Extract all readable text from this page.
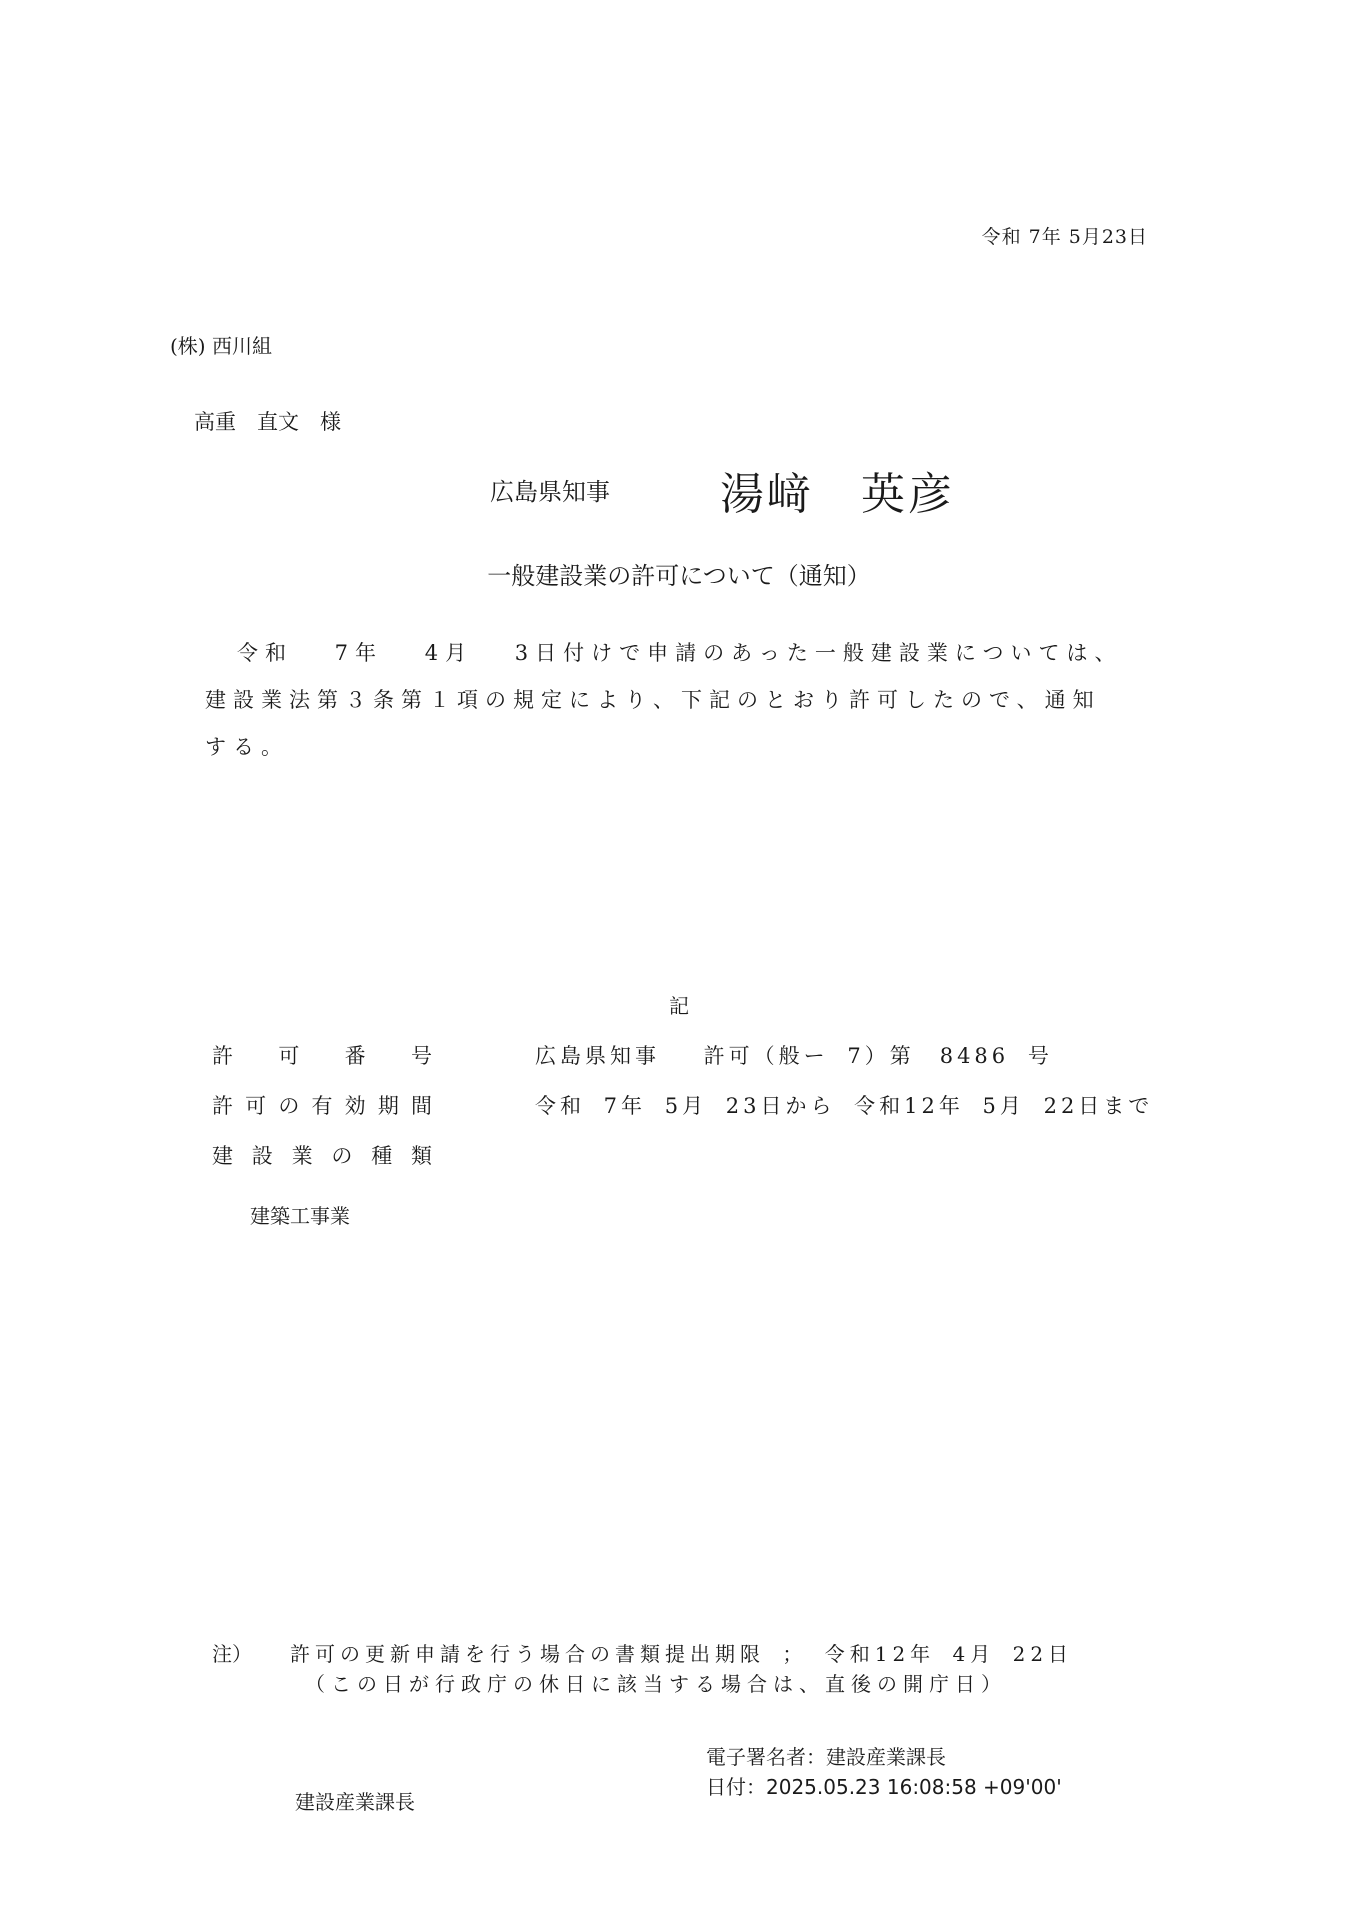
令和 7年 5月23日
(株) 西川組
高重　直文　様
広島県知事	湯﨑　英彦
一般建設業の許可について（通知）
令和　 7年　 4月　 3日付けで申請のあった一般建設業については、
建設業法第３条第１項の規定により、下記のとおり許可したので、通知
する。
記
許可番号	広島県知事　 許可（般ー 7）第　8486 号
許可の有効期間	令和 7年 5月 23日から 令和12年 5月 22日まで
建設業の種類
建築工事業
注） 許可の更新申請を行う場合の書類提出期限 ； 令和12年 4月 22日
（この日が行政庁の休日に該当する場合は、直後の開庁日）
建設産業課長
電子署名者：建設産業課長
日付：2025.05.23 16:08:58 +09'00'
